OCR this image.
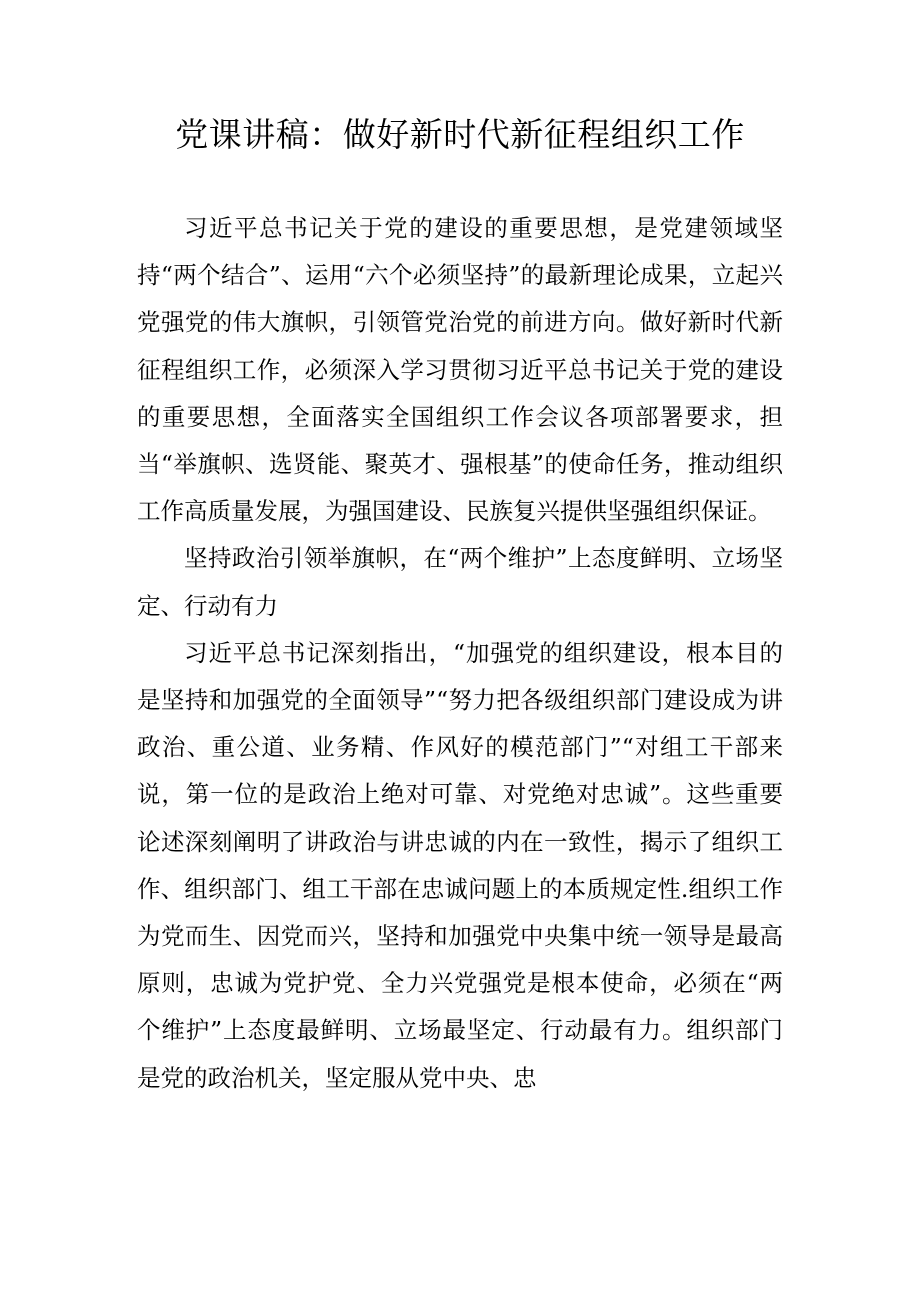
党课讲稿：做好新时代新征程组织工作

习近平总书记关于党的建设的重要思想，是党建领域坚持“两个结合”、运用“六个必须坚持”的最新理论成果，立起兴党强党的伟大旗帜，引领管党治党的前进方向。做好新时代新征程组织工作，必须深入学习贯彻习近平总书记关于党的建设的重要思想，全面落实全国组织工作会议各项部署要求，担当“举旗帜、选贤能、聚英才、强根基”的使命任务，推动组织工作高质量发展，为强国建设、民族复兴提供坚强组织保证。

坚持政治引领举旗帜，在“两个维护”上态度鲜明、立场坚定、行动有力

习近平总书记深刻指出，“加强党的组织建设，根本目的是坚持和加强党的全面领导”“努力把各级组织部门建设成为讲政治、重公道、业务精、作风好的模范部门”“对组工干部来说，第一位的是政治上绝对可靠、对党绝对忠诚”。这些重要论述深刻阐明了讲政治与讲忠诚的内在一致性，揭示了组织工作、组织部门、组工干部在忠诚问题上的本质规定性.组织工作为党而生、因党而兴，坚持和加强党中央集中统一领导是最高原则，忠诚为党护党、全力兴党强党是根本使命，必须在“两个维护”上态度最鲜明、立场最坚定、行动最有力。组织部门是党的政治机关，坚定服从党中央、忠
